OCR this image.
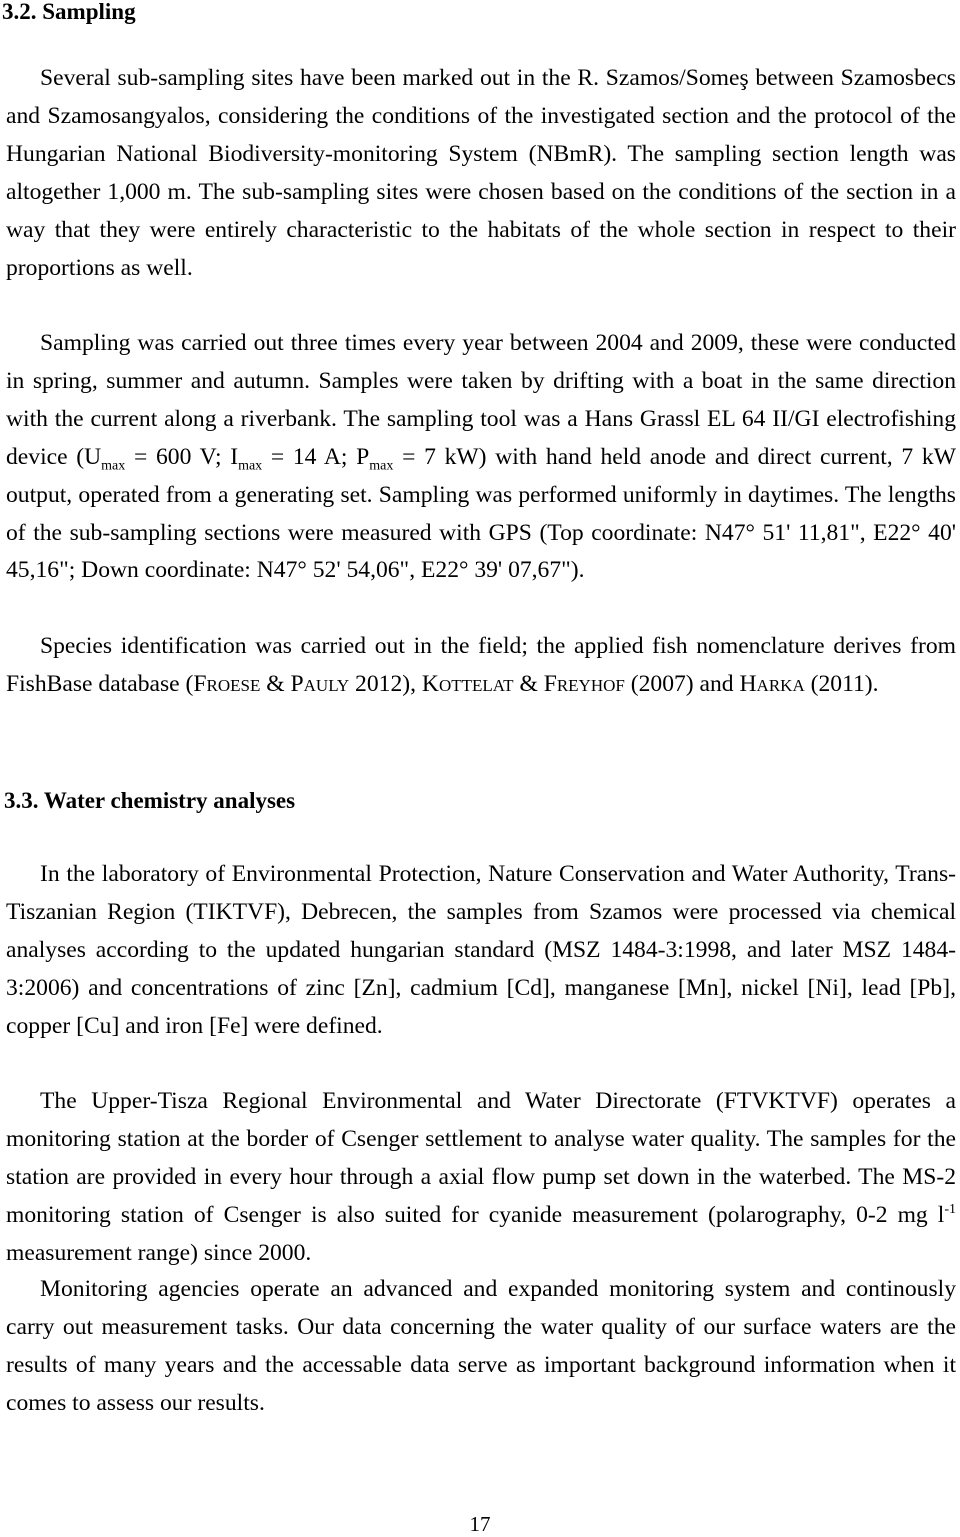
3.2. Sampling

Several sub-sampling sites have been marked out in the R. Szamos/Someş between Szamosbecs and Szamosangyalos, considering the conditions of the investigated section and the protocol of the Hungarian National Biodiversity-monitoring System (NBmR). The sampling section length was altogether 1,000 m. The sub-sampling sites were chosen based on the conditions of the section in a way that they were entirely characteristic to the habitats of the whole section in respect to their proportions as well.

Sampling was carried out three times every year between 2004 and 2009, these were conducted in spring, summer and autumn. Samples were taken by drifting with a boat in the same direction with the current along a riverbank. The sampling tool was a Hans Grassl EL 64 II/GI electrofishing device ($U_{max} = 600$ V; $I_{max} = 14$ A; $P_{max} = 7$ kW) with hand held anode and direct current, 7 kW output, operated from a generating set. Sampling was performed uniformly in daytimes. The lengths of the sub-sampling sections were measured with GPS (Top coordinate: N47° 51' 11,81", E22° 40' 45,16"; Down coordinate: N47° 52' 54,06", E22° 39' 07,67").

Species identification was carried out in the field; the applied fish nomenclature derives from FishBase database (Froese & Pauly 2012), Kottelat & Freyhof (2007) and Harka (2011).

3.3. Water chemistry analyses

In the laboratory of Environmental Protection, Nature Conservation and Water Authority, Trans-Tiszanian Region (TIKTVF), Debrecen, the samples from Szamos were processed via chemical analyses according to the updated hungarian standard (MSZ 1484-3:1998, and later MSZ 1484-3:2006) and concentrations of zinc [Zn], cadmium [Cd], manganese [Mn], nickel [Ni], lead [Pb], copper [Cu] and iron [Fe] were defined.

The Upper-Tisza Regional Environmental and Water Directorate (FTVKTVF) operates a monitoring station at the border of Csenger settlement to analyse water quality. The samples for the station are provided in every hour through a axial flow pump set down in the waterbed. The MS-2 monitoring station of Csenger is also suited for cyanide measurement (polarography, 0-2 mg $l^{-1}$ measurement range) since 2000.

Monitoring agencies operate an advanced and expanded monitoring system and continously carry out measurement tasks. Our data concerning the water quality of our surface waters are the results of many years and the accessable data serve as important background information when it comes to assess our results.

17
